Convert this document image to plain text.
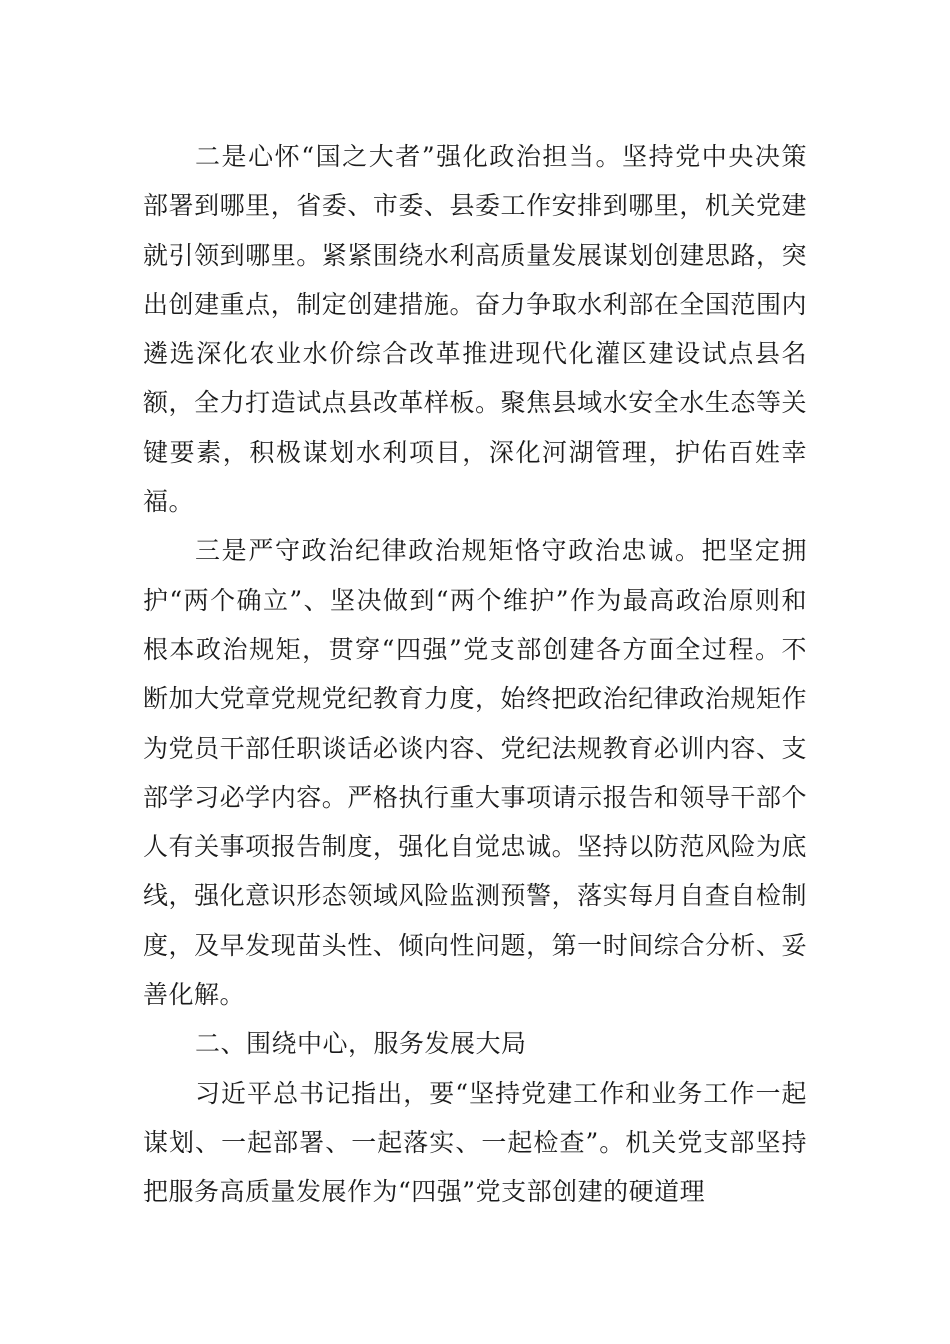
二是心怀“国之大者”强化政治担当。坚持党中央决策部署到哪里，省委、市委、县委工作安排到哪里，机关党建就引领到哪里。紧紧围绕水利高质量发展谋划创建思路，突出创建重点，制定创建措施。奋力争取水利部在全国范围内遴选深化农业水价综合改革推进现代化灌区建设试点县名额，全力打造试点县改革样板。聚焦县域水安全水生态等关键要素，积极谋划水利项目，深化河湖管理，护佑百姓幸福。

三是严守政治纪律政治规矩恪守政治忠诚。把坚定拥护“两个确立”、坚决做到“两个维护”作为最高政治原则和根本政治规矩，贯穿“四强”党支部创建各方面全过程。不断加大党章党规党纪教育力度，始终把政治纪律政治规矩作为党员干部任职谈话必谈内容、党纪法规教育必训内容、支部学习必学内容。严格执行重大事项请示报告和领导干部个人有关事项报告制度，强化自觉忠诚。坚持以防范风险为底线，强化意识形态领域风险监测预警，落实每月自查自检制度，及早发现苗头性、倾向性问题，第一时间综合分析、妥善化解。

二、围绕中心，服务发展大局

习近平总书记指出，要“坚持党建工作和业务工作一起谋划、一起部署、一起落实、一起检查”。机关党支部坚持把服务高质量发展作为“四强”党支部创建的硬道理
